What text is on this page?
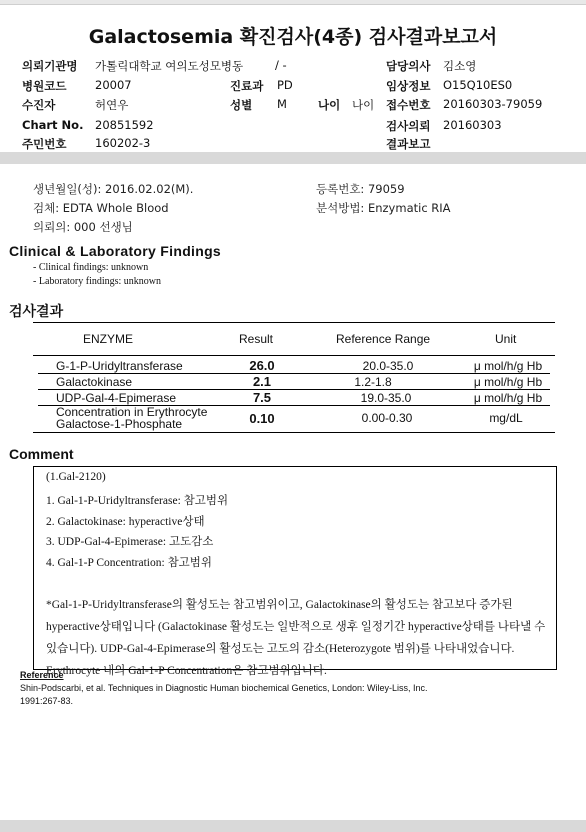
Galactosemia 확진검사(4종) 검사결과보고서
의뢰기관명 가톨릭대학교 여의도성모병동	/ -	담당의사 김소영
병원코드 20007	진료과 PD	임상정보 O15Q10ES0
수진자	허연우	성별 M	나이 나이 접수번호 20160303-79059
Chart No. 20851592	검사의뢰 20160303
주민번호 160202-3	결과보고
생년월일(성): 2016.02.02(M).	등록번호: 79059
검체: EDTA Whole Blood	분석방법: Enzymatic RIA
의뢰의: 000 선생님
Clinical & Laboratory Findings
- Clinical findings: unknown
- Laboratory findings: unknown
검사결과
ENZYME	Result	Reference Range	Unit
G-1-P-Uridyltransferase	26.0	20.0-35.0	μ mol/h/g Hb
Galactokinase	2.1	1.2-1.8	μ mol/h/g Hb
UDP-Gal-4-Epimerase	7.5	19.0-35.0	μ mol/h/g Hb
Concentration in Erythrocyte
Galactose-1-Phosphate	0.10	0.00-0.30	mg/dL
Comment
(1.Gal-2120)
1. Gal-1-P-Uridyltransferase: 참고범위
2. Galactokinase: hyperactive상태
3. UDP-Gal-4-Epimerase: 고도감소
4. Gal-1-P Concentration: 참고범위
*Gal-1-P-Uridyltransferase의 활성도는 참고범위이고, Galactokinase의 활성도는 참고보다 증가된 hyperactive상태입니다 (Galactokinase 활성도는 일반적으로 생후 일정기간 hyperactive상태를 나타낼 수 있습니다). UDP-Gal-4-Epimerase의 활성도는 고도의 감소(Heterozygote 범위)를 나타내었습니다. Erythrocyte 내의 Gal-1-P Concentration은 참고범위입니다.
Reference
Shin-Podscarbi, et al. Techniques in Diagnostic Human biochemical Genetics, London: Wiley-Liss, Inc.
1991:267-83.
